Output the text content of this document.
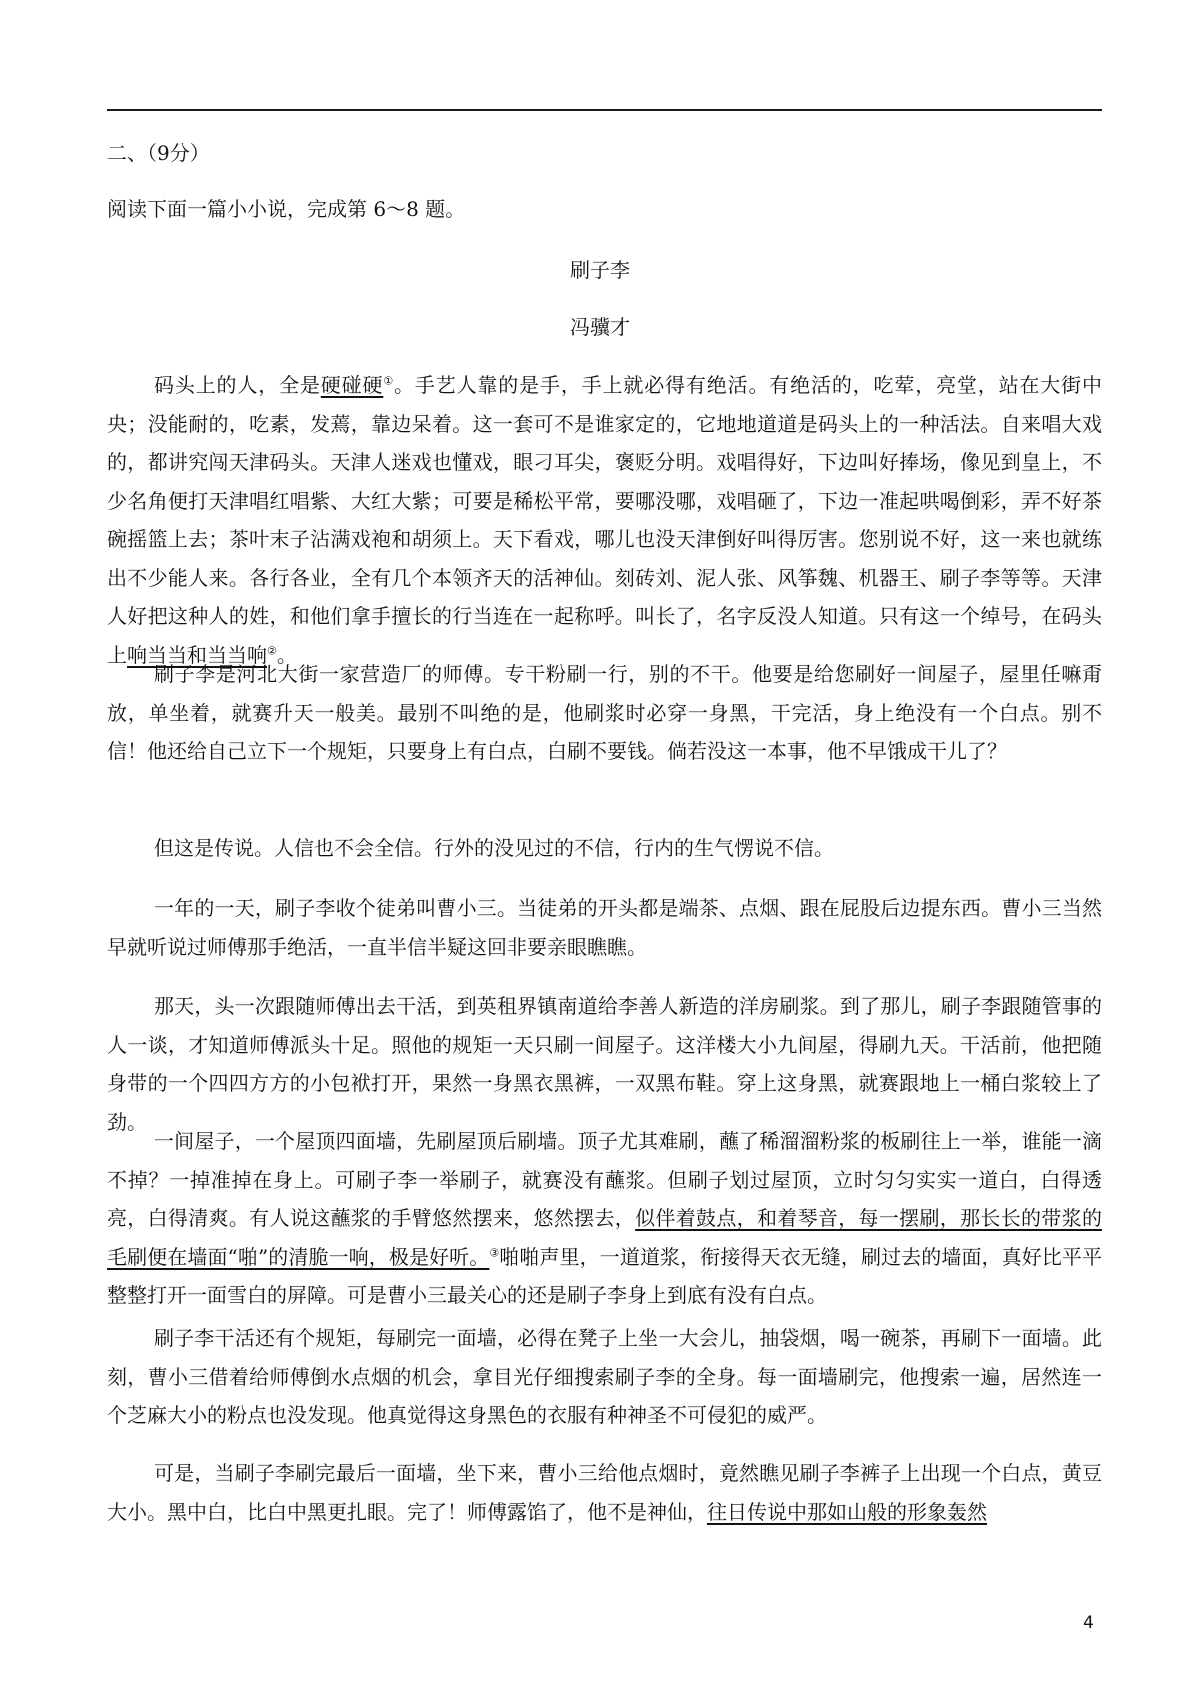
二、（9分）
阅读下面一篇小小说，完成第 6～8 题。
刷子李
冯骥才
码头上的人，全是硬碰硬①。手艺人靠的是手，手上就必得有绝活。有绝活的，吃荤，亮堂，站在大街中央；没能耐的，吃素，发蔫，靠边呆着。这一套可不是谁家定的，它地地道道是码头上的一种活法。自来唱大戏的，都讲究闯天津码头。天津人迷戏也懂戏，眼刁耳尖，褒贬分明。戏唱得好，下边叫好捧场，像见到皇上，不少名角便打天津唱红唱紫、大红大紫；可要是稀松平常，要哪没哪，戏唱砸了，下边一准起哄喝倒彩，弄不好茶碗摇篮上去；茶叶末子沾满戏袍和胡须上。天下看戏，哪儿也没天津倒好叫得厉害。您别说不好，这一来也就练出不少能人来。各行各业，全有几个本领齐天的活神仙。刻砖刘、泥人张、风筝魏、机器王、刷子李等等。天津人好把这种人的姓，和他们拿手擅长的行当连在一起称呼。叫长了，名字反没人知道。只有这一个绰号，在码头上响当当和当当响②。
刷子李是河北大街一家营造厂的师傅。专干粉刷一行，别的不干。他要是给您刷好一间屋子，屋里任嘛甭放，单坐着，就赛升天一般美。最别不叫绝的是，他刷浆时必穿一身黑，干完活，身上绝没有一个白点。别不信！他还给自己立下一个规矩，只要身上有白点，白刷不要钱。倘若没这一本事，他不早饿成干儿了？
但这是传说。人信也不会全信。行外的没见过的不信，行内的生气愣说不信。
一年的一天，刷子李收个徒弟叫曹小三。当徒弟的开头都是端茶、点烟、跟在屁股后边提东西。曹小三当然早就听说过师傅那手绝活，一直半信半疑这回非要亲眼瞧瞧。
那天，头一次跟随师傅出去干活，到英租界镇南道给李善人新造的洋房刷浆。到了那儿，刷子李跟随管事的人一谈，才知道师傅派头十足。照他的规矩一天只刷一间屋子。这洋楼大小九间屋，得刷九天。干活前，他把随身带的一个四四方方的小包袱打开，果然一身黑衣黑裤，一双黑布鞋。穿上这身黑，就赛跟地上一桶白浆较上了劲。
一间屋子，一个屋顶四面墙，先刷屋顶后刷墙。顶子尤其难刷，蘸了稀溜溜粉浆的板刷往上一举，谁能一滴不掉？一掉准掉在身上。可刷子李一举刷子，就赛没有蘸浆。但刷子划过屋顶，立时匀匀实实一道白，白得透亮，白得清爽。有人说这蘸浆的手臂悠然摆来，悠然摆去，似伴着鼓点，和着琴音，每一摆刷，那长长的带浆的毛刷便在墙面“啪”的清脆一响，极是好听。③啪啪声里，一道道浆，衔接得天衣无缝，刷过去的墙面，真好比平平整整打开一面雪白的屏障。可是曹小三最关心的还是刷子李身上到底有没有白点。
刷子李干活还有个规矩，每刷完一面墙，必得在凳子上坐一大会儿，抽袋烟，喝一碗茶，再刷下一面墙。此刻，曹小三借着给师傅倒水点烟的机会，拿目光仔细搜索刷子李的全身。每一面墙刷完，他搜索一遍，居然连一个芝麻大小的粉点也没发现。他真觉得这身黑色的衣服有种神圣不可侵犯的威严。
可是，当刷子李刷完最后一面墙，坐下来，曹小三给他点烟时，竟然瞧见刷子李裤子上出现一个白点，黄豆大小。黑中白，比白中黑更扎眼。完了！师傅露馅了，他不是神仙，往日传说中那如山般的形象轰然
4
